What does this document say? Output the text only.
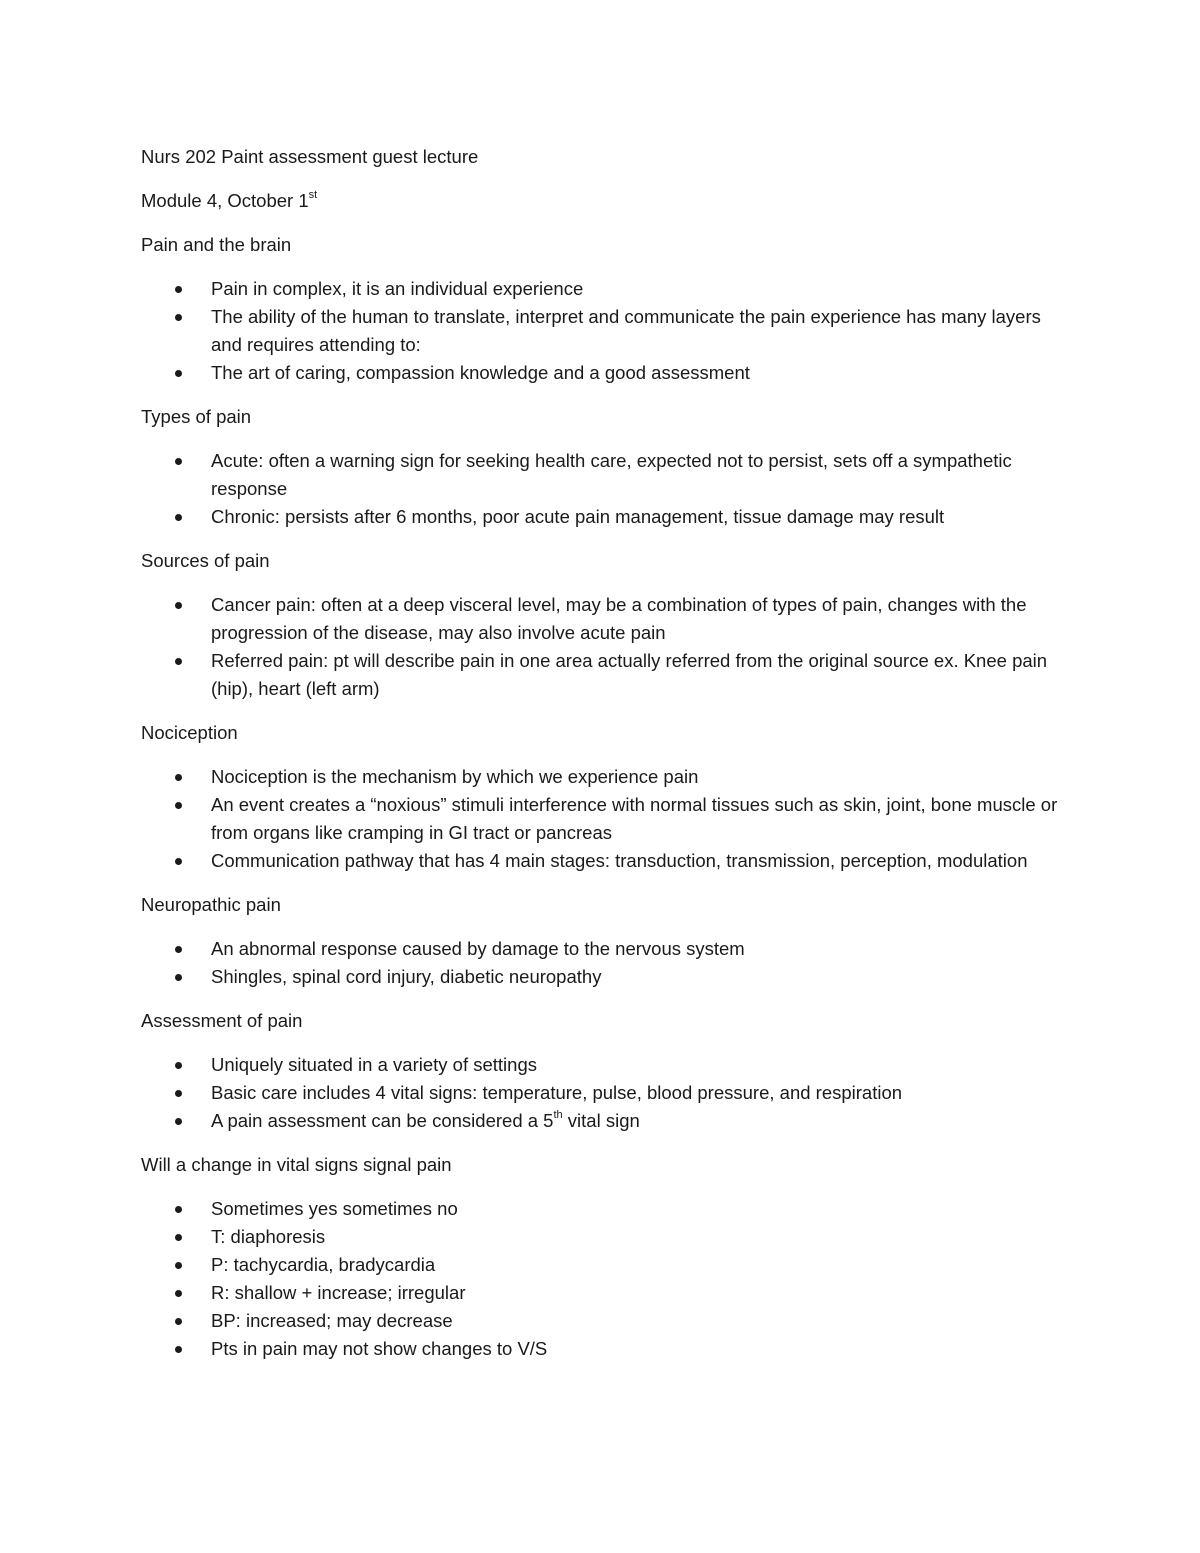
Nurs 202 Paint assessment guest lecture

Module 4, October 1st

Pain and the brain

Pain in complex, it is an individual experience
The ability of the human to translate, interpret and communicate the pain experience has many layers and requires attending to:
The art of caring, compassion knowledge and a good assessment

Types of pain

Acute: often a warning sign for seeking health care, expected not to persist, sets off a sympathetic response
Chronic: persists after 6 months, poor acute pain management, tissue damage may result

Sources of pain

Cancer pain: often at a deep visceral level, may be a combination of types of pain, changes with the progression of the disease, may also involve acute pain
Referred pain: pt will describe pain in one area actually referred from the original source ex. Knee pain (hip), heart (left arm)

Nociception

Nociception is the mechanism by which we experience pain
An event creates a “noxious” stimuli interference with normal tissues such as skin, joint, bone muscle or from organs like cramping in GI tract or pancreas
Communication pathway that has 4 main stages: transduction, transmission, perception, modulation

Neuropathic pain

An abnormal response caused by damage to the nervous system
Shingles, spinal cord injury, diabetic neuropathy

Assessment of pain

Uniquely situated in a variety of settings
Basic care includes 4 vital signs: temperature, pulse, blood pressure, and respiration
A pain assessment can be considered a 5th vital sign

Will a change in vital signs signal pain

Sometimes yes sometimes no
T: diaphoresis
P: tachycardia, bradycardia
R: shallow + increase; irregular
BP: increased; may decrease
Pts in pain may not show changes to V/S
